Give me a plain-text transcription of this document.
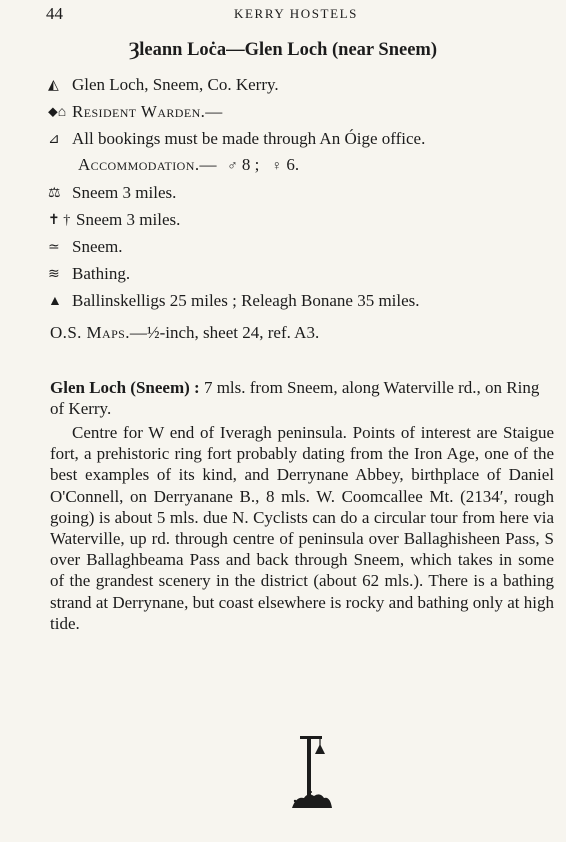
44	KERRY HOSTELS
Ȝleann Loċa—Glen Loch (near Sneem)
◭ Glen Loch, Sneem, Co. Kerry.
⬥⌂ Resident Warden.—
⊿ All bookings must be made through An Óige office.
Accommodation.— ♂ 8 ; ♀ 6.
⚖ Sneem 3 miles.
✝ † Sneem 3 miles.
≃ Sneem.
≋ Bathing.
▲ Ballinskelligs 25 miles ; Releagh Bonane 35 miles.
O.S. Maps.—½-inch, sheet 24, ref. A3.
Glen Loch (Sneem) : 7 mls. from Sneem, along Waterville rd., on Ring of Kerry.
Centre for W end of Iveragh peninsula. Points of interest are Staigue fort, a prehistoric ring fort probably dating from the Iron Age, one of the best examples of its kind, and Derrynane Abbey, birthplace of Daniel O'Connell, on Derryanane B., 8 mls. W. Coomcallee Mt. (2134′, rough going) is about 5 mls. due N. Cyclists can do a circular tour from here via Waterville, up rd. through centre of peninsula over Ballaghisheen Pass, S over Ballaghbeama Pass and back through Sneem, which takes in some of the grandest scenery in the district (about 62 mls.). There is a bathing strand at Derrynane, but coast elsewhere is rocky and bathing only at high tide.
